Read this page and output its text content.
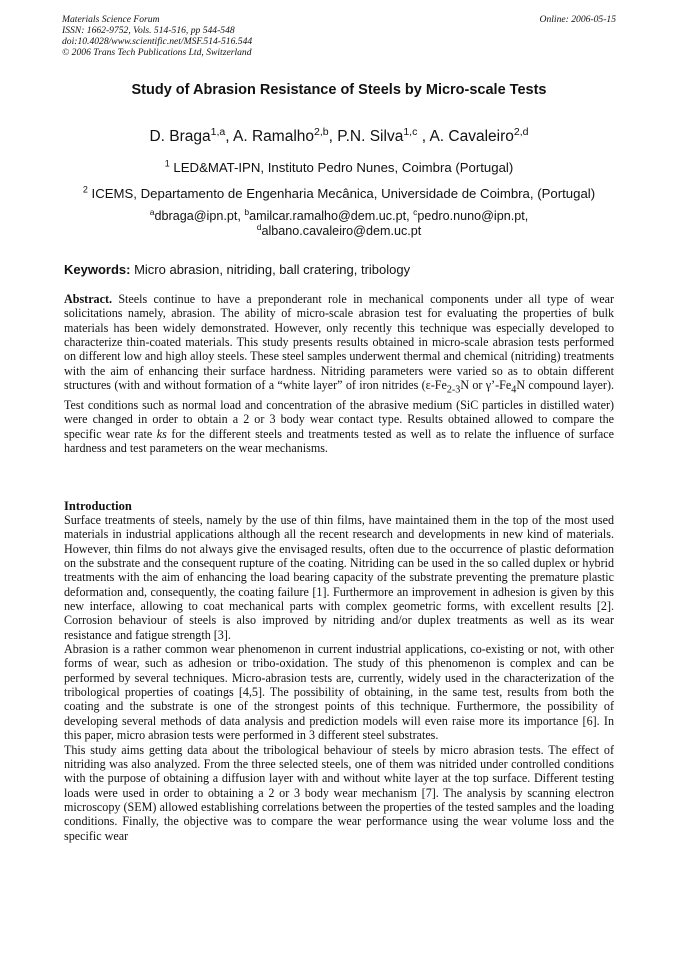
Materials Science Forum
ISSN: 1662-9752, Vols. 514-516, pp 544-548
doi:10.4028/www.scientific.net/MSF.514-516.544
© 2006 Trans Tech Publications Ltd, Switzerland
Online: 2006-05-15
Study of Abrasion Resistance of Steels by Micro-scale Tests
D. Braga$^{1,a}$, A. Ramalho$^{2,b}$, P.N. Silva$^{1,c}$ , A. Cavaleiro$^{2,d}$
$^1$ LED&MAT-IPN, Instituto Pedro Nunes, Coimbra (Portugal)
$^2$ ICEMS, Departamento de Engenharia Mecânica, Universidade de Coimbra, (Portugal)
$^a$dbraga@ipn.pt, $^b$amilcar.ramalho@dem.uc.pt, $^c$pedro.nuno@ipn.pt,
$^d$albano.cavaleiro@dem.uc.pt
Keywords: Micro abrasion, nitriding, ball cratering, tribology

Abstract. Steels continue to have a preponderant role in mechanical components under all type of wear solicitations namely, abrasion. The ability of micro-scale abrasion test for evaluating the properties of bulk materials has been widely demonstrated. However, only recently this technique was especially developed to characterize thin-coated materials. This study presents results obtained in micro-scale abrasion tests performed on different low and high alloy steels. These steel samples underwent thermal and chemical (nitriding) treatments with the aim of enhancing their surface hardness. Nitriding parameters were varied so as to obtain different structures (with and without formation of a “white layer” of iron nitrides ($\varepsilon-Fe_{2-3}N$ or $\gamma’-Fe_4N$ compound layer). Test conditions such as normal load and concentration of the abrasive medium (SiC particles in distilled water) were changed in order to obtain a 2 or 3 body wear contact type. Results obtained allowed to compare the specific wear rate ks for the different steels and treatments tested as well as to relate the influence of surface hardness and test parameters on the wear mechanisms.

Introduction
Surface treatments of steels, namely by the use of thin films, have maintained them in the top of the most used materials in industrial applications although all the recent research and developments in new kind of materials. However, thin films do not always give the envisaged results, often due to the occurrence of plastic deformation on the substrate and the consequent rupture of the coating. Nitriding can be used in the so called duplex or hybrid treatments with the aim of enhancing the load bearing capacity of the substrate preventing the premature plastic deformation and, consequently, the coating failure [1]. Furthermore an improvement in adhesion is given by this new interface, allowing to coat mechanical parts with complex geometric forms, with excellent results [2]. Corrosion behaviour of steels is also improved by nitriding and/or duplex treatments as well as its wear resistance and fatigue strength [3].
Abrasion is a rather common wear phenomenon in current industrial applications, co-existing or not, with other forms of wear, such as adhesion or tribo-oxidation. The study of this phenomenon is complex and can be performed by several techniques. Micro-abrasion tests are, currently, widely used in the characterization of the tribological properties of coatings [4,5]. The possibility of obtaining, in the same test, results from both the coating and the substrate is one of the strongest points of this technique. Furthermore, the possibility of developing several methods of data analysis and prediction models will even raise more its importance [6]. In this paper, micro abrasion tests were performed in 3 different steel substrates.
This study aims getting data about the tribological behaviour of steels by micro abrasion tests. The effect of nitriding was also analyzed. From the three selected steels, one of them was nitrided under controlled conditions with the purpose of obtaining a diffusion layer with and without white layer at the top surface. Different testing loads were used in order to obtaining a 2 or 3 body wear mechanism [7]. The analysis by scanning electron microscopy (SEM) allowed establishing correlations between the properties of the tested samples and the loading conditions. Finally, the objective was to compare the wear performance using the wear volume loss and the specific wear
